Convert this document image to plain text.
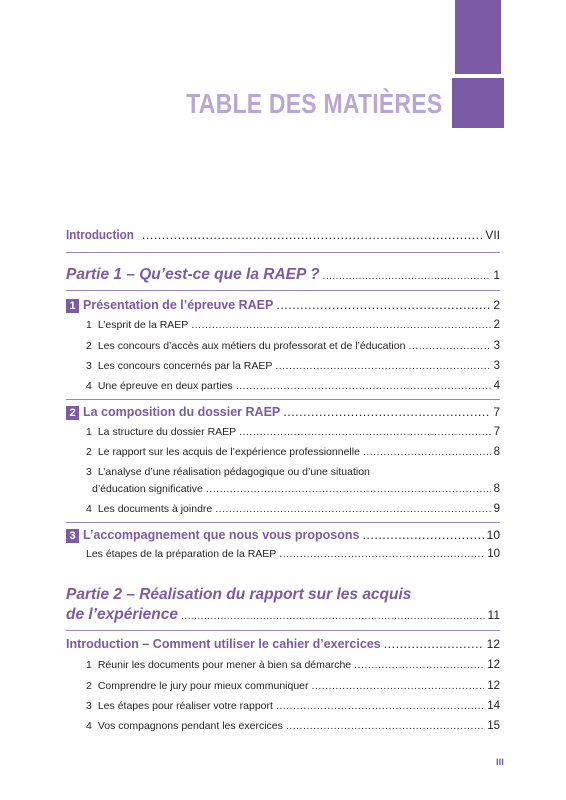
TABLE DES MATIÈRES
Introduction .....	VII
Partie 1 – Qu’est-ce que la RAEP ? .....	1
1 Présentation de l’épreuve RAEP .....	2
1 L’esprit de la RAEP .....	2
2 Les concours d’accès aux métiers du professorat et de l’éducation .....	3
3 Les concours concernés par la RAEP .....	3
4 Une épreuve en deux parties .....	4
2 La composition du dossier RAEP .....	7
1 La structure du dossier RAEP .....	7
2 Le rapport sur les acquis de l’expérience professionnelle .....	8
3 L’analyse d’une réalisation pédagogique ou d’une situation
d’éducation significative .....	8
4 Les documents à joindre .....	9
3 L’accompagnement que nous vous proposons .....	10
Les étapes de la préparation de la RAEP .....	10
Partie 2 – Réalisation du rapport sur les acquis
de l’expérience .....	11
Introduction – Comment utiliser le cahier d’exercices .....	12
1 Réunir les documents pour mener à bien sa démarche .....	12
2 Comprendre le jury pour mieux communiquer .....	12
3 Les étapes pour réaliser votre rapport .....	14
4 Vos compagnons pendant les exercices .....	15
III
